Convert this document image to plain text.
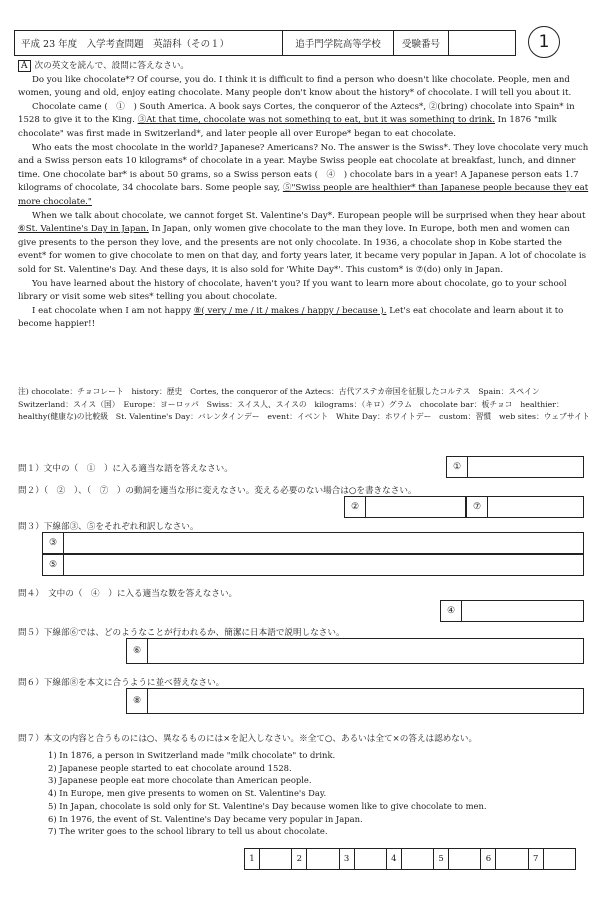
平成 23 年度　入学考査問題　英語科（その１）	追手門学院高等学校	受験番号	1

A 次の英文を読んで、設問に答えなさい。

Do you like chocolate*? Of course, you do. I think it is difficult to find a person who doesn't like chocolate. People, men and women, young and old, enjoy eating chocolate. Many people don't know about the history* of chocolate. I will tell you about it.

Chocolate came (　①　) South America. A book says Cortes, the conqueror of the Aztecs*, ②(bring) chocolate into Spain* in 1528 to give it to the King. ③At that time, chocolate was not something to eat, but it was something to drink. In 1876 "milk chocolate" was first made in Switzerland*, and later people all over Europe* began to eat chocolate.

Who eats the most chocolate in the world? Japanese? Americans? No. The answer is the Swiss*. They love chocolate very much and a Swiss person eats 10 kilograms* of chocolate in a year. Maybe Swiss people eat chocolate at breakfast, lunch, and dinner time. One chocolate bar* is about 50 grams, so a Swiss person eats (　④　) chocolate bars in a year! A Japanese person eats 1.7 kilograms of chocolate, 34 chocolate bars. Some people say, ⑤"Swiss people are healthier* than Japanese people because they eat more chocolate."

When we talk about chocolate, we cannot forget St. Valentine's Day*. European people will be surprised when they hear about ⑥St. Valentine's Day in Japan. In Japan, only women give chocolate to the man they love. In Europe, both men and women can give presents to the person they love, and the presents are not only chocolate. In 1936, a chocolate shop in Kobe started the event* for women to give chocolate to men on that day, and forty years later, it became very popular in Japan. A lot of chocolate is sold for St. Valentine's Day. And these days, it is also sold for 'White Day*'. This custom* is ⑦(do) only in Japan.

You have learned about the history of chocolate, haven't you? If you want to learn more about chocolate, go to your school library or visit some web sites* telling you about chocolate.

I eat chocolate when I am not happy ⑧( very / me / it / makes / happy / because ). Let's eat chocolate and learn about it to become happier!!

注) chocolate：チョコレート　history：歴史　Cortes, the conqueror of the Aztecs：古代アステカ帝国を征服したコルテス　Spain：スペイン　Switzerland：スイス（国）　Europe：ヨーロッパ　Swiss：スイス人、スイスの　kilograms：（キロ）グラム　chocolate bar：板チョコ　healthier：healthy(健康な)の比較級　St. Valentine's Day：バレンタインデー　event：イベント　White Day：ホワイトデー　custom：習慣　web sites：ウェブサイト
問１）文中の（　①　）に入る適当な語を答えなさい。	①
問２）（　②　）、（　⑦　）の動詞を適当な形に変えなさい。変える必要のない場合は○を書きなさい。
②	⑦
問３）下線部③、⑤をそれぞれ和訳しなさい。
③
⑤
問４）　文中の（　④　）に入る適当な数を答えなさい。
④
問５）下線部⑥では、どのようなことが行われるか、簡潔に日本語で説明しなさい。
⑥
問６）下線部⑧を本文に合うように並べ替えなさい。
⑧
問７）本文の内容と合うものには○、異なるものには×を記入しなさい。※全て○、あるいは全て×の答えは認めない。
1) In 1876, a person in Switzerland made "milk chocolate" to drink.
2) Japanese people started to eat chocolate around 1528.
3) Japanese people eat more chocolate than American people.
4) In Europe, men give presents to women on St. Valentine's Day.
5) In Japan, chocolate is sold only for St. Valentine's Day because women like to give chocolate to men.
6) In 1976, the event of St. Valentine's Day became very popular in Japan.
7) The writer goes to the school library to tell us about chocolate.
1	2	3	4	5	6	7
